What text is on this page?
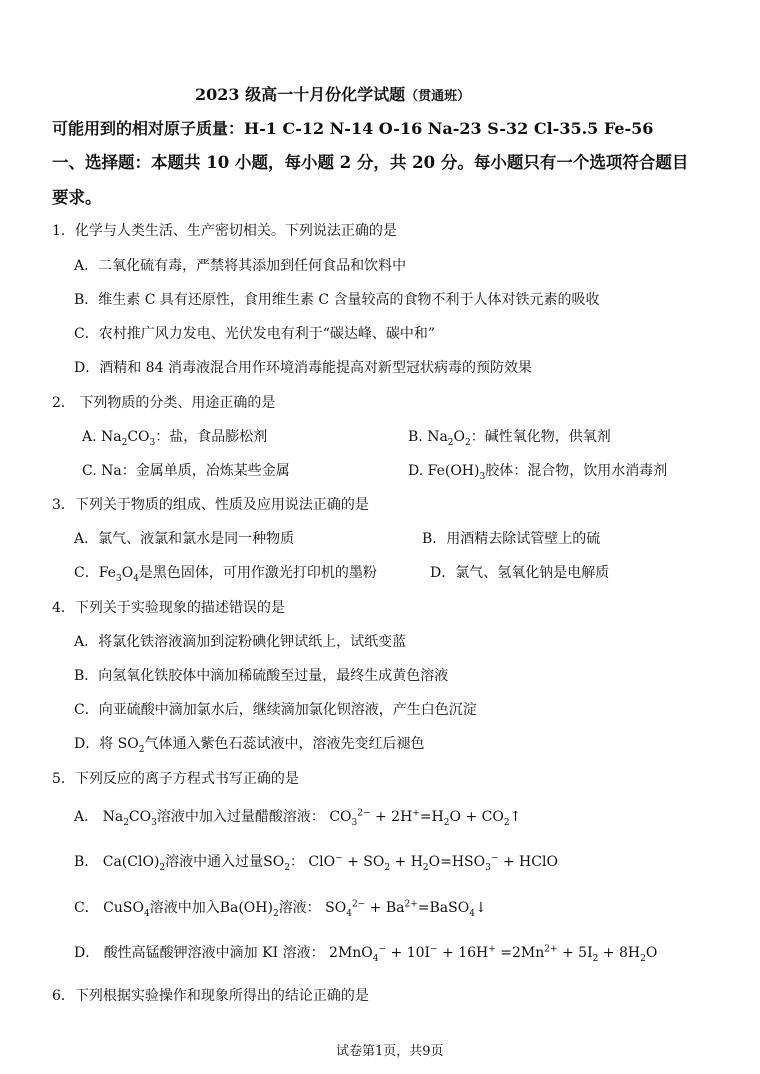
2023 级高一十月份化学试题（贯通班）
可能用到的相对原子质量：H-1 C-12 N-14 O-16 Na-23 S-32 Cl-35.5 Fe-56
一、选择题：本题共 10 小题，每小题 2 分，共 20 分。每小题只有一个选项符合题目
要求。
1．化学与人类生活、生产密切相关。下列说法正确的是
A．二氧化硫有毒，严禁将其添加到任何食品和饮料中
B．维生素 C 具有还原性，食用维生素 C 含量较高的食物不利于人体对铁元素的吸收
C．农村推广风力发电、光伏发电有利于“碳达峰、碳中和”
D．酒精和 84 消毒液混合用作环境消毒能提高对新型冠状病毒的预防效果
2． 下列物质的分类、用途正确的是
A. $Na_2CO_3$：盐，食品膨松剂	B. $Na_2O_2$：碱性氧化物，供氧剂
C. Na：金属单质，冶炼某些金属	D. $Fe(OH)_3$胶体：混合物，饮用水消毒剂
3．下列关于物质的组成、性质及应用说法正确的是
A．氯气、液氯和氯水是同一种物质	B．用酒精去除试管壁上的硫
C．$Fe_3O_4$是黑色固体，可用作激光打印机的墨粉	D．氯气、氢氧化钠是电解质
4．下列关于实验现象的描述错误的是
A．将氯化铁溶液滴加到淀粉碘化钾试纸上，试纸变蓝
B．向氢氧化铁胶体中滴加稀硫酸至过量，最终生成黄色溶液
C．向亚硫酸中滴加氯水后，继续滴加氯化钡溶液，产生白色沉淀
D．将 $SO_2$气体通入紫色石蕊试液中，溶液先变红后褪色
5．下列反应的离子方程式书写正确的是
A． $Na_2CO_3$溶液中加入过量醋酸溶液： $CO_3^{2-} + 2H^+=H_2O$ + $CO_2↑$
B． $Ca(ClO)_2$溶液中通入过量$SO_2$： $ClO^- + SO_2 + H_2O=HSO_3^-$ + HClO
C． CuSO$_4$溶液中加入$Ba(OH)_2$溶液： $SO_4^{2-}$ + $Ba^{2+}=BaSO_4↓$
D． 酸性高锰酸钾溶液中滴加 KI 溶液： $2MnO_4^- + 10I^- + 16H^+ =2Mn^{2+} + 5I_2 + 8H_2O$
6．下列根据实验操作和现象所得出的结论正确的是
试卷第1页，共9页
